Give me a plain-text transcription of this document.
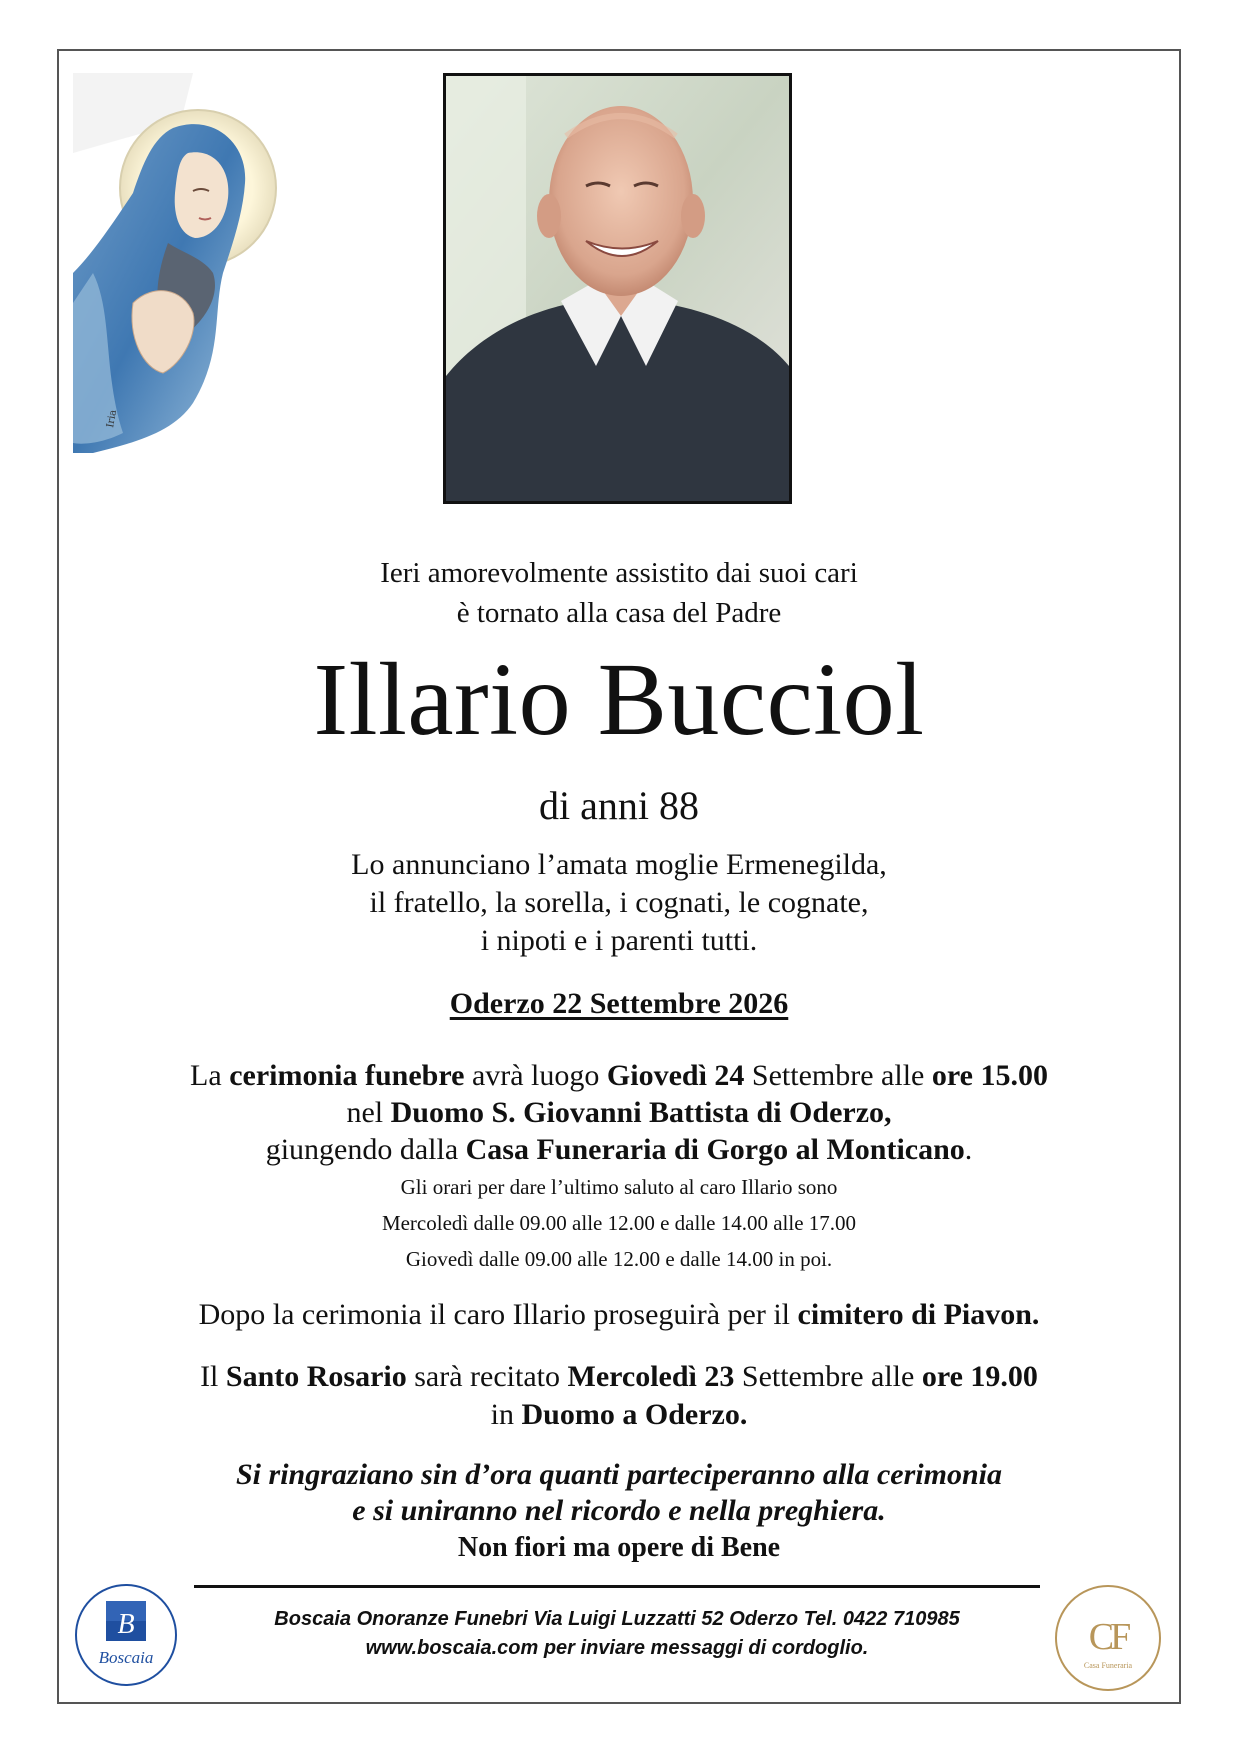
Iria
Ieri amorevolmente assistito dai suoi cari
è tornato alla casa del Padre
Illario Bucciol
di anni 88
Lo annunciano l’amata moglie Ermenegilda,
il fratello, la sorella, i cognati, le cognate,
i nipoti e i parenti tutti.
Oderzo 22 Settembre 2026
La cerimonia funebre avrà luogo Giovedì 24 Settembre alle ore 15.00
nel Duomo S. Giovanni Battista di Oderzo,
giungendo dalla Casa Funeraria di Gorgo al Monticano.
Gli orari per dare l’ultimo saluto al caro Illario sono
Mercoledì dalle 09.00 alle 12.00 e dalle 14.00 alle 17.00
Giovedì dalle 09.00 alle 12.00 e dalle 14.00 in poi.
Dopo la cerimonia il caro Illario proseguirà per il cimitero di Piavon.
Il Santo Rosario sarà recitato Mercoledì 23 Settembre alle ore 19.00
in Duomo a Oderzo.
Si ringraziano sin d’ora quanti parteciperanno alla cerimonia
e si uniranno nel ricordo e nella preghiera.
Non fiori ma opere di Bene
B
Boscaia
Boscaia Onoranze Funebri Via Luigi Luzzatti 52 Oderzo Tel. 0422 710985
www.boscaia.com per inviare messaggi di cordoglio.	CF
Casa Funeraria
